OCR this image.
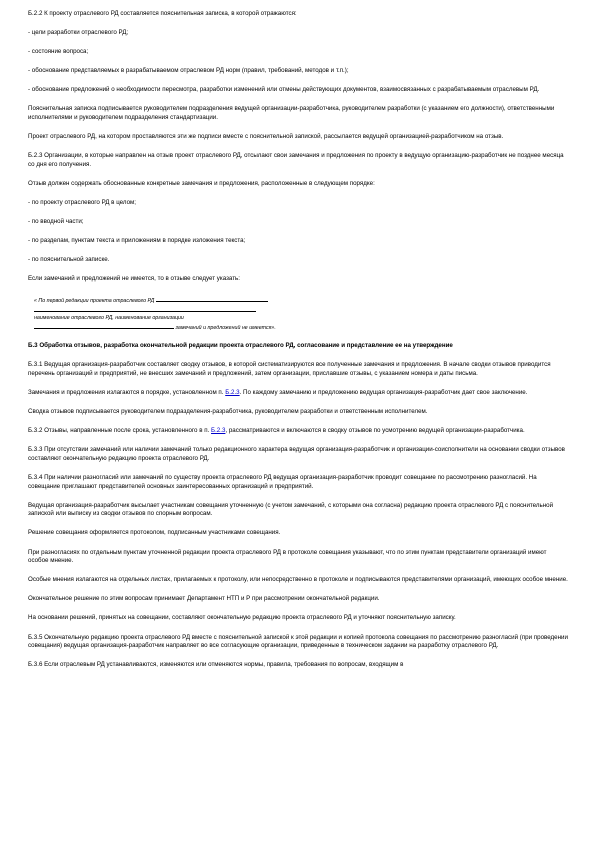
Б.2.2 К проекту отраслевого РД составляется пояснительная записка, в которой отражаются:

- цели разработки отраслевого РД;

- состояние вопроса;

- обоснование представляемых в разрабатываемом отраслевом РД норм (правил, требований, методов и т.п.);

- обоснование предложений о необходимости пересмотра, разработки изменений или отмены действующих документов, взаимосвязанных с разрабатываемым отраслевым РД.

Пояснительная записка подписывается руководителем подразделения ведущей организации-разработчика, руководителем разработки (с указанием его должности), ответственными исполнителями и руководителем подразделения стандартизации.

Проект отраслевого РД, на котором проставляются эти же подписи вместе с пояснительной запиской, рассылается ведущей организацией-разработчиком на отзыв.

Б.2.3 Организации, в которые направлен на отзыв проект отраслевого РД, отсылают свои замечания и предложения по проекту в ведущую организацию-разработчик не позднее месяца со дня его получения.

Отзыв должен содержать обоснованные конкретные замечания и предложения, расположенные в следующем порядке:

- по проекту отраслевого РД в целом;

- по вводной части;

- по разделам, пунктам текста и приложениям в порядке изложения текста;

- по пояснительной записке.

Если замечаний и предложений не имеется, то в отзыве следует указать:

« По первой редакции проекта отраслевого РД
наименование отраслевого РД, наименование организации
замечаний и предложений не имеется».

Б.3 Обработка отзывов, разработка окончательной редакции проекта отраслевого РД, согласование и представление ее на утверждение

Б.3.1 Ведущая организация-разработчик составляет сводку отзывов, в которой систематизируются все полученные замечания и предложения. В начале сводки отзывов приводится перечень организаций и предприятий, не внесших замечаний и предложений, затем организации, приславшие отзывы, с указанием номера и даты письма.

Замечания и предложения излагаются в порядке, установленном п. Б.2.3. По каждому замечанию и предложению ведущая организация-разработчик дает свое заключение.

Сводка отзывов подписывается руководителем подразделения-разработчика, руководителем разработки и ответственным исполнителем.

Б.3.2 Отзывы, направленные после срока, установленного в п. Б.2.3, рассматриваются и включаются в сводку отзывов по усмотрению ведущей организации-разработчика.

Б.3.3 При отсутствии замечаний или наличии замечаний только редакционного характера ведущая организация-разработчик и организации-соисполнители на основании сводки отзывов составляют окончательную редакцию проекта отраслевого РД.

Б.3.4 При наличии разногласий или замечаний по существу проекта отраслевого РД ведущая организация-разработчик проводит совещание по рассмотрению разногласий. На совещание приглашают представителей основных заинтересованных организаций и предприятий.

Ведущая организация-разработчик высылает участникам совещания уточненную (с учетом замечаний, с которыми она согласна) редакцию проекта отраслевого РД с пояснительной запиской или выписку из сводки отзывов по спорным вопросам.

Решение совещания оформляется протоколом, подписанным участниками совещания.

При разногласиях по отдельным пунктам уточненной редакции проекта отраслевого РД в протоколе совещания указывают, что по этим пунктам представители организаций имеют особое мнение.

Особые мнения излагаются на отдельных листах, прилагаемых к протоколу, или непосредственно в протоколе и подписываются представителями организаций, имеющих особое мнение.

Окончательное решение по этим вопросам принимает Департамент НТП и Р при рассмотрении окончательной редакции.

На основании решений, принятых на совещании, составляют окончательную редакцию проекта отраслевого РД и уточняют пояснительную записку.

Б.3.5 Окончательную редакцию проекта отраслевого РД вместе с пояснительной запиской к этой редакции и копией протокола совещания по рассмотрению разногласий (при проведении совещания) ведущая организация-разработчик направляет во все согласующие организации, приведенные в техническом задании на разработку отраслевого РД.

Б.3.6 Если отраслевым РД устанавливаются, изменяются или отменяются нормы, правила, требования по вопросам, входящим в
